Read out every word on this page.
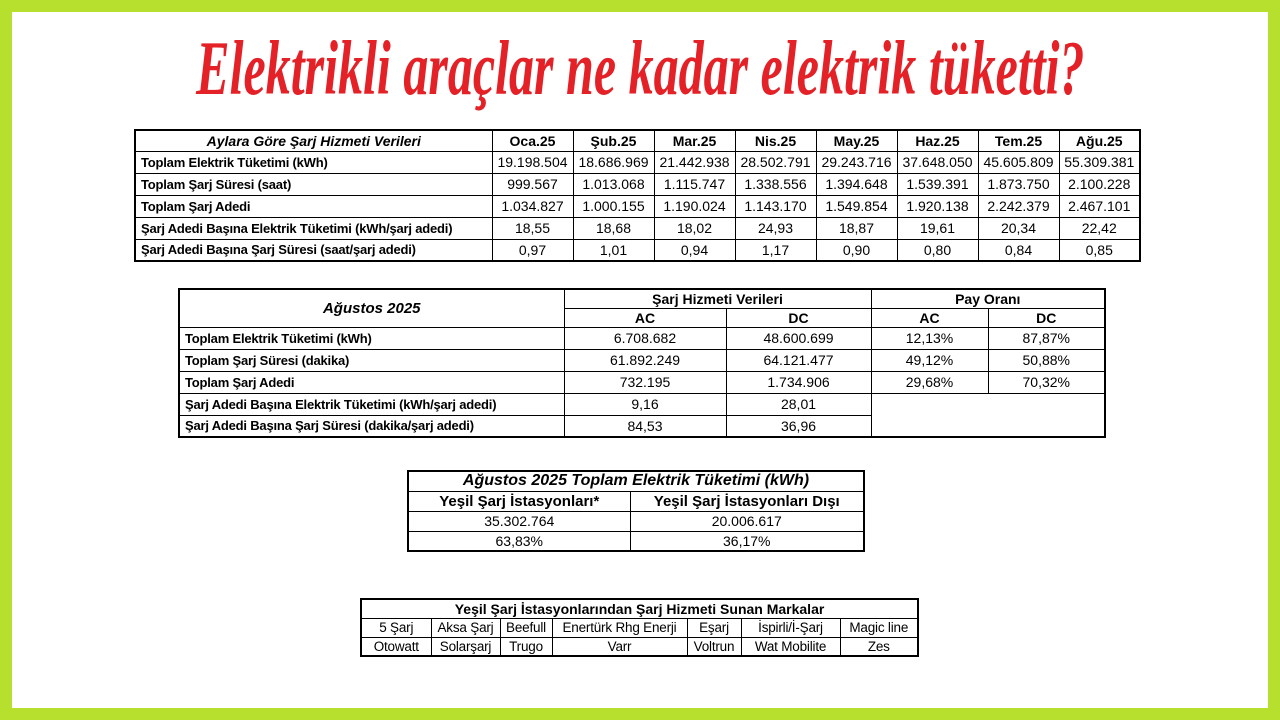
Elektrikli araçlar ne kadar elektrik tüketti?
Aylara Göre Şarj Hizmeti Verileri	Oca.25	Şub.25	Mar.25	Nis.25	May.25	Haz.25	Tem.25	Ağu.25
Toplam Elektrik Tüketimi (kWh)	19.198.504	18.686.969	21.442.938	28.502.791	29.243.716	37.648.050	45.605.809	55.309.381
Toplam Şarj Süresi (saat)	999.567	1.013.068	1.115.747	1.338.556	1.394.648	1.539.391	1.873.750	2.100.228
Toplam Şarj Adedi	1.034.827	1.000.155	1.190.024	1.143.170	1.549.854	1.920.138	2.242.379	2.467.101
Şarj Adedi Başına Elektrik Tüketimi (kWh/şarj adedi)	18,55	18,68	18,02	24,93	18,87	19,61	20,34	22,42
Şarj Adedi Başına Şarj Süresi (saat/şarj adedi)	0,97	1,01	0,94	1,17	0,90	0,80	0,84	0,85
Ağustos 2025	Şarj Hizmeti Verileri		Pay Oranı	
	AC	DC	AC	DC
Toplam Elektrik Tüketimi (kWh)	6.708.682	48.600.699	12,13%	87,87%
Toplam Şarj Süresi (dakika)	61.892.249	64.121.477	49,12%	50,88%
Toplam Şarj Adedi	732.195	1.734.906	29,68%	70,32%
Şarj Adedi Başına Elektrik Tüketimi (kWh/şarj adedi)	9,16	28,01		
Şarj Adedi Başına Şarj Süresi (dakika/şarj adedi)	84,53	36,96		
Ağustos 2025 Toplam Elektrik Tüketimi (kWh)	
Yeşil Şarj İstasyonları*	Yeşil Şarj İstasyonları Dışı
35.302.764	20.006.617
63,83%	36,17%
Yeşil Şarj İstasyonlarından Şarj Hizmeti Sunan Markalar						
5 Şarj	Aksa Şarj	Beefull	Enertürk Rhg Enerji	Eşarj	İspirli/İ-Şarj	Magic line
Otowatt	Solarşarj	Trugo	Varr	Voltrun	Wat Mobilite	Zes
